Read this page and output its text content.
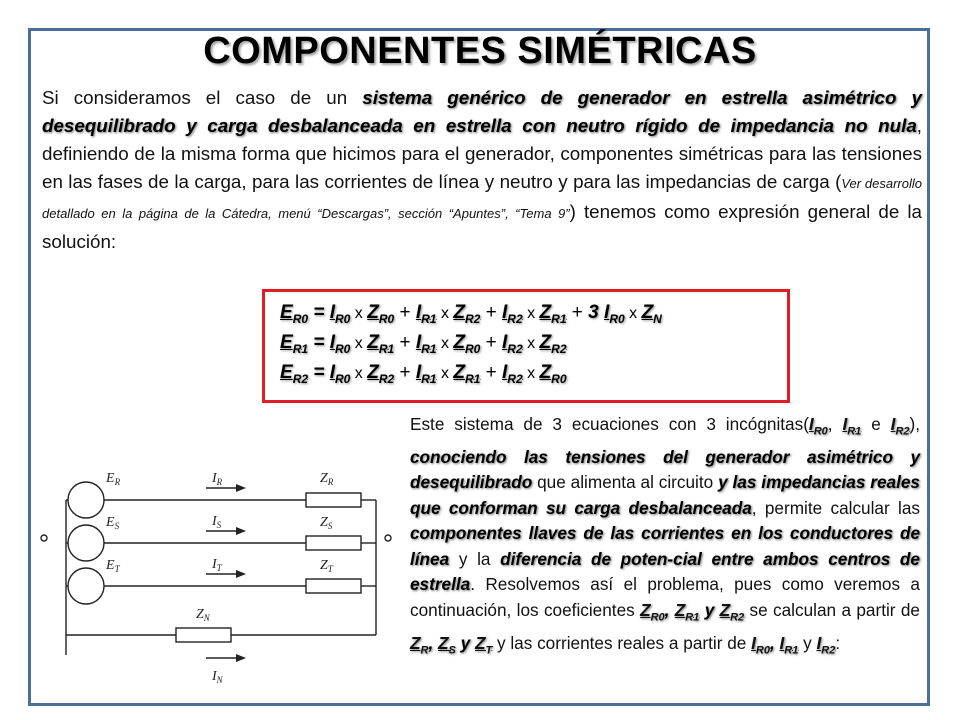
COMPONENTES SIMÉTRICAS
Si consideramos el caso de un sistema genérico de generador en estrella asimétrico y desequilibrado y carga desbalanceada en estrella con neutro rígido de impedancia no nula, definiendo de la misma forma que hicimos para el generador, componentes simétricas para las tensiones en las fases de la carga, para las corrientes de línea y neutro y para las impedancias de carga (Ver desarrollo detallado en la página de la Cátedra, menú “Descargas”, sección “Apuntes”, “Tema 9”) tenemos como expresión general de la solución:
$E_{R0} = I_{R0}$ x $Z_{R0} + I_{R1}$ x $Z_{R2} + I_{R2}$ x $Z_{R1} + 3$ $I_{R0}$ x $Z_N$
$E_{R1} = I_{R0}$ x $Z_{R1} + I_{R1}$ x $Z_{R0} + I_{R2}$ x $Z_{R2}$
$E_{R2} = I_{R0}$ x $Z_{R2} + I_{R1}$ x $Z_{R1} + I_{R2}$ x $Z_{R0}$
Este sistema de 3 ecuaciones con 3 $incógnitas(I_{R0}$, $I_{R1}$ e $I_{R2}$), conociendo las tensiones del generador asimétrico y desequilibrado que alimenta al circuito y las impedancias reales que conforman su carga desbalanceada, permite calcular las componentes llaves de las corrientes en los conductores de línea y la diferencia de poten-cial entre ambos centros de estrella. Resolvemos así el problema, pues como veremos a continuación, los coeficientes $Z_{R0}$, $Z_{R1}$ y $Z_{R2}$ se calculan a partir de $Z_R$, $Z_S$ y $Z_T$ y las corrientes reales a partir de $I_{R0}$, $I_{R1}$ y $I_{R2}$:
$E_R$
$E_S$
$E_T$
$I_R$
$I_S$
$I_T$
$I_N$
$Z_R$
$Z_S$
$Z_T$
$Z_N$
